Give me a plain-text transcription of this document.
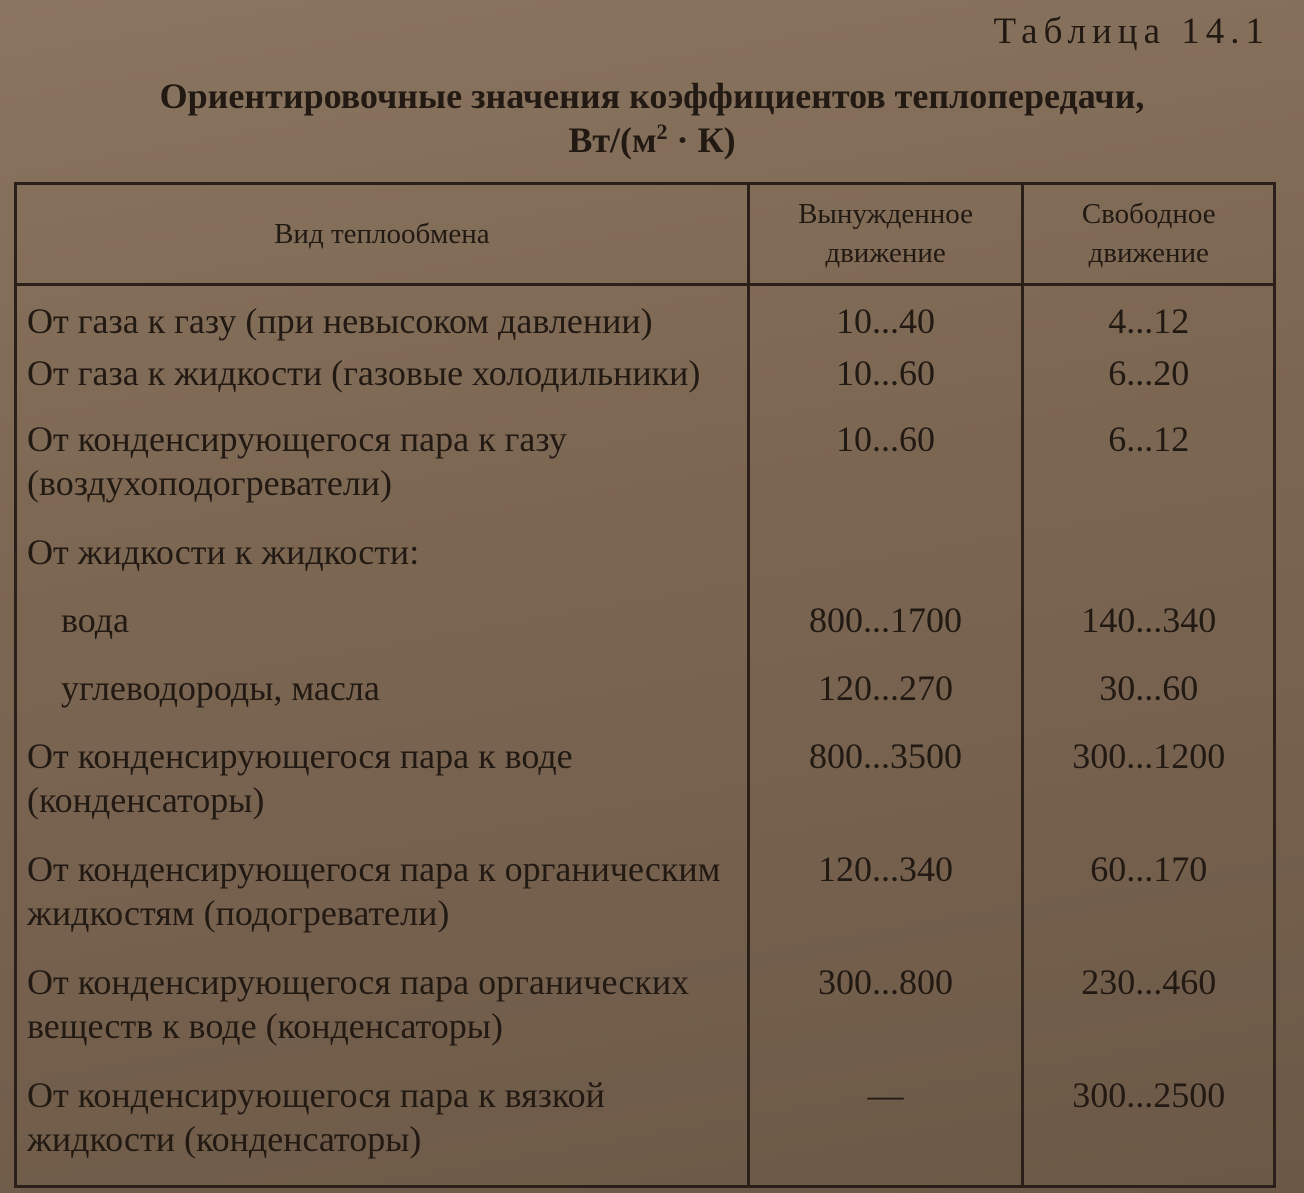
Таблица 14.1
Ориентировочные значения коэффициентов теплопередачи,
$Вт/(м^2 \cdot К)$
Вид теплообмена	Вынужденное движение	Свободное движение
От газа к газу (при невысоком давлении)	10...40	4...12
От газа к жидкости (газовые холодильники)	10...60	6...20
От конденсирующегося пара к газу (воздухоподогреватели)	10...60	6...12
От жидкости к жидкости:		
вода	800...1700	140...340
углеводороды, масла	120...270	30...60
От конденсирующегося пара к воде (конденсаторы)	800...3500	300...1200
От конденсирующегося пара к органическим жидкостям (подогреватели)	120...340	60...170
От конденсирующегося пара органических веществ к воде (конденсаторы)	300...800	230...460
От конденсирующегося пара к вязкой жидкости (конденсаторы)	—	300...2500
